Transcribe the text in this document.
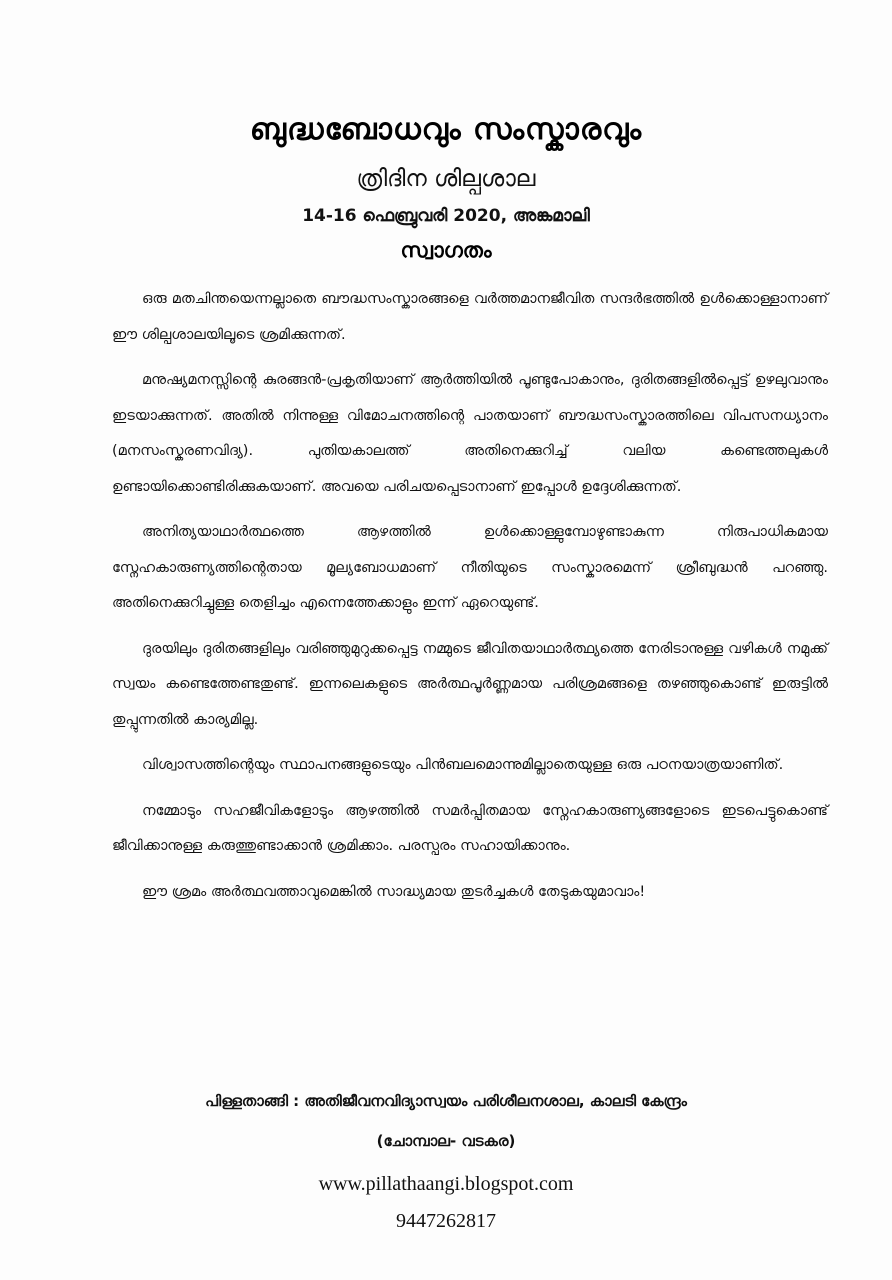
ബുദ്ധബോധവും സംസ്കാരവും
ത്രിദിന ശില്പശാല
14-16 ഫെബ്രുവരി 2020, അങ്കമാലി
സ്വാഗതം

ഒരു മതചിന്തയെന്നല്ലാതെ ബൗദ്ധസംസ്കാരങ്ങളെ വർത്തമാനജീവിത സന്ദർഭത്തിൽ ഉൾക്കൊള്ളാനാണ് ഈ ശില്പശാലയിലൂടെ ശ്രമിക്കുന്നത്.

മനുഷ്യമനസ്സിന്റെ കുരങ്ങൻ-പ്രകൃതിയാണ് ആർത്തിയിൽ പൂണ്ടുപോകാനും, ദുരിതങ്ങളിൽപ്പെട്ട് ഉഴലുവാനും ഇടയാക്കുന്നത്. അതിൽ നിന്നുള്ള വിമോചനത്തിന്റെ പാതയാണ് ബൗദ്ധസംസ്കാരത്തിലെ വിപസനധ്യാനം (മനസംസ്കരണവിദ്യ). പുതിയകാലത്ത് അതിനെക്കുറിച്ച് വലിയ കണ്ടെത്തലുകൾ ഉണ്ടായിക്കൊണ്ടിരിക്കുകയാണ്. അവയെ പരിചയപ്പെടാനാണ് ഇപ്പോൾ ഉദ്ദേശിക്കുന്നത്.

അനിത്യയാഥാർത്ഥത്തെ ആഴത്തിൽ ഉൾക്കൊള്ളുമ്പോഴുണ്ടാകുന്ന നിരുപാധികമായ സ്നേഹകാരുണ്യത്തിന്റെതായ മൂല്യബോധമാണ് നീതിയുടെ സംസ്കാരമെന്ന് ശ്രീബുദ്ധൻ പറഞ്ഞു. അതിനെക്കുറിച്ചുള്ള തെളിച്ചം എന്നെത്തേക്കാളും ഇന്ന് ഏറെയുണ്ട്.

ദുരയിലും ദുരിതങ്ങളിലും വരിഞ്ഞുമുറുക്കപ്പെട്ട നമ്മുടെ ജീവിതയാഥാർത്ഥ്യത്തെ നേരിടാനുള്ള വഴികൾ നമുക്ക് സ്വയം കണ്ടെത്തേണ്ടതുണ്ട്. ഇന്നലെകളുടെ അർത്ഥപൂർണ്ണമായ പരിശ്രമങ്ങളെ തഴഞ്ഞുകൊണ്ട് ഇരുട്ടിൽ തുപ്പുന്നതിൽ കാര്യമില്ല.

വിശ്വാസത്തിന്റെയും സ്ഥാപനങ്ങളുടെയും പിൻബലമൊന്നുമില്ലാതെയുള്ള ഒരു പഠനയാത്രയാണിത്.

നമ്മോടും സഹജീവികളോടും ആഴത്തിൽ സമർപ്പിതമായ സ്നേഹകാരുണ്യങ്ങളോടെ ഇടപെട്ടുകൊണ്ട് ജീവിക്കാനുള്ള കരുത്തുണ്ടാക്കാൻ ശ്രമിക്കാം. പരസ്പരം സഹായിക്കാനും.

ഈ ശ്രമം അർത്ഥവത്താവുമെങ്കിൽ സാദ്ധ്യമായ തുടർച്ചകൾ തേടുകയുമാവാം!

പിള്ളതാങ്ങി : അതിജീവനവിദ്യാസ്വയം പരിശീലനശാല, കാലടി കേന്ദ്രം
(ചോമ്പാല- വടകര)
www.pillathaangi.blogspot.com
9447262817
